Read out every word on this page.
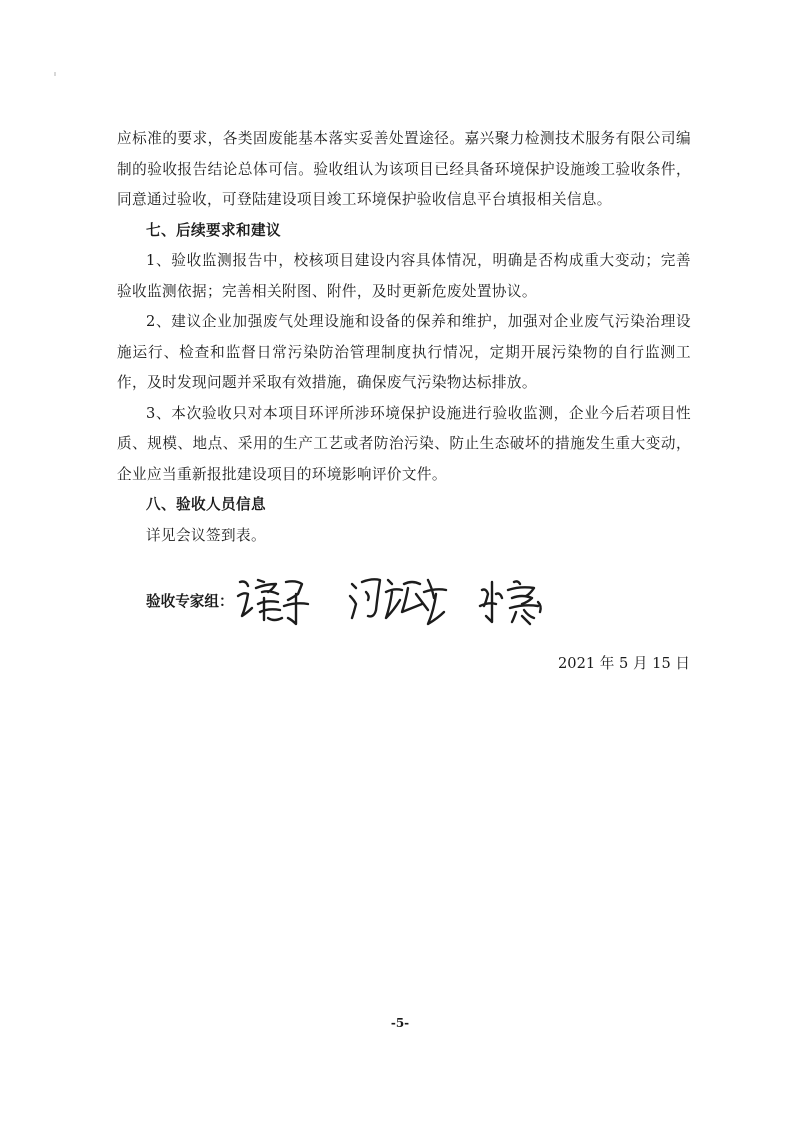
应标准的要求，各类固废能基本落实妥善处置途径。嘉兴聚力检测技术服务有限公司编制的验收报告结论总体可信。验收组认为该项目已经具备环境保护设施竣工验收条件，同意通过验收，可登陆建设项目竣工环境保护验收信息平台填报相关信息。

七、后续要求和建议

1、验收监测报告中，校核项目建设内容具体情况，明确是否构成重大变动；完善验收监测依据；完善相关附图、附件，及时更新危废处置协议。

2、建议企业加强废气处理设施和设备的保养和维护，加强对企业废气污染治理设施运行、检查和监督日常污染防治管理制度执行情况，定期开展污染物的自行监测工作，及时发现问题并采取有效措施，确保废气污染物达标排放。

3、本次验收只对本项目环评所涉环境保护设施进行验收监测，企业今后若项目性质、规模、地点、采用的生产工艺或者防治污染、防止生态破坏的措施发生重大变动，企业应当重新报批建设项目的环境影响评价文件。

八、验收人员信息

详见会议签到表。

验收专家组：
2021 年 5 月 15 日
-5-
